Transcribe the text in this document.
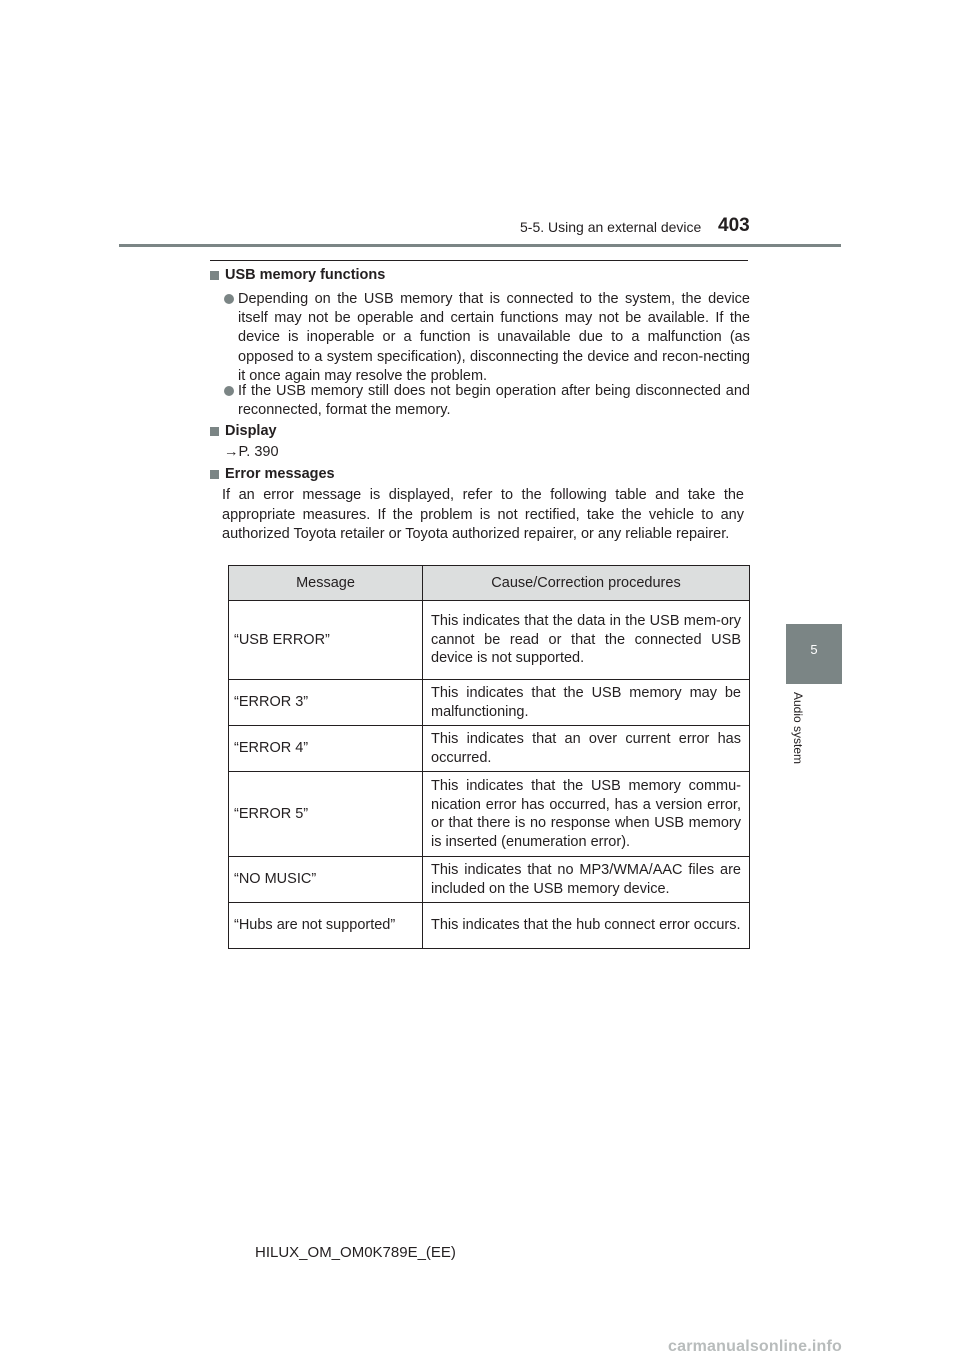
5-5. Using an external device 403
5
Audio system
USB memory functions
Depending on the USB memory that is connected to the system, the device itself may not be operable and certain functions may not be available. If the device is inoperable or a function is unavailable due to a malfunction (as opposed to a system specification), disconnecting the device and recon-necting it once again may resolve the problem.
If the USB memory still does not begin operation after being disconnected and reconnected, format the memory.
Display
→P. 390
Error messages
If an error message is displayed, refer to the following table and take the appropriate measures. If the problem is not rectified, take the vehicle to any authorized Toyota retailer or Toyota authorized repairer, or any reliable repairer.
Message	Cause/Correction procedures
“USB ERROR”	This indicates that the data in the USB mem-ory cannot be read or that the connected USB device is not supported.
“ERROR 3”	This indicates that the USB memory may be malfunctioning.
“ERROR 4”	This indicates that an over current error has occurred.
“ERROR 5”	This indicates that the USB memory commu-nication error has occurred, has a version error, or that there is no response when USB memory is inserted (enumeration error).
“NO MUSIC”	This indicates that no MP3/WMA/AAC files are included on the USB memory device.
“Hubs are not supported”	This indicates that the hub connect error occurs.
HILUX_OM_OM0K789E_(EE)
carmanualsonline.info
